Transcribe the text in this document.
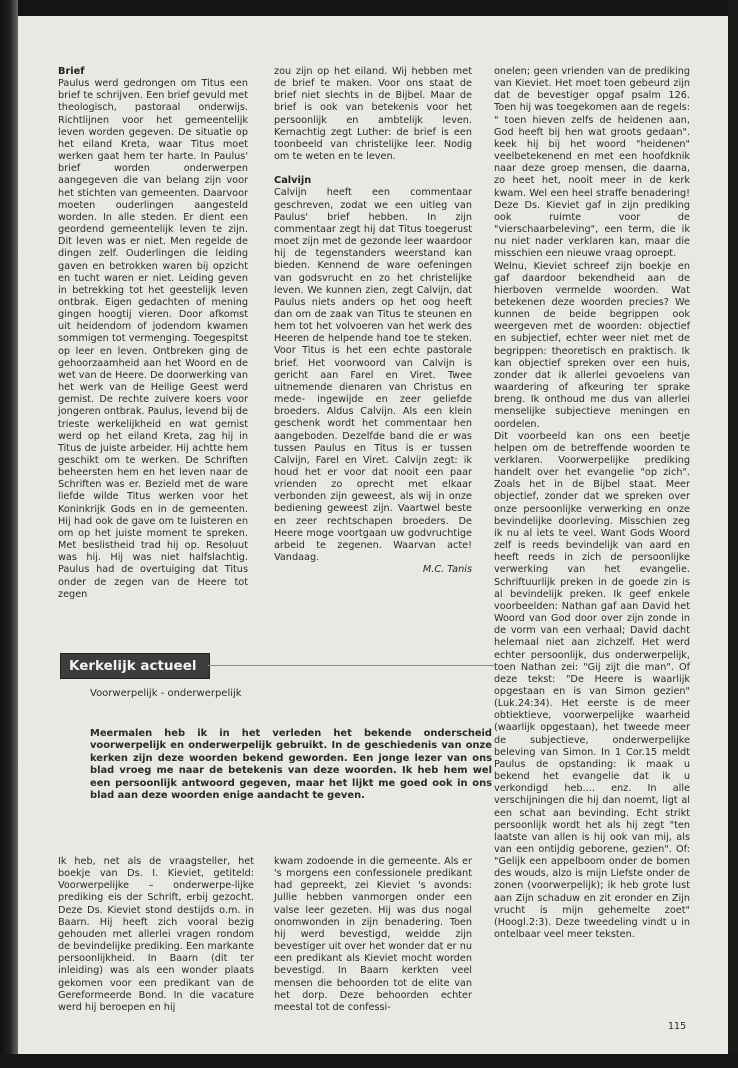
Brief

Paulus werd gedrongen om Titus een brief te schrijven. Een brief gevuld met theologisch, pastoraal onderwijs. Richtlijnen voor het gemeentelijk leven worden gegeven. De situatie op het eiland Kreta, waar Titus moet werken gaat hem ter harte. In Paulus' brief worden onderwerpen aangegeven die van belang zijn voor het stichten van gemeenten. Daarvoor moeten ouderlingen aangesteld worden. In alle steden. Er dient een geordend gemeentelijk leven te zijn. Dit leven was er niet. Men regelde de dingen zelf. Ouderlingen die leiding gaven en betrokken waren bij opzicht en tucht waren er niet. Leiding geven in betrekking tot het geestelijk leven ontbrak. Eigen gedachten of mening gingen hoogtij vieren. Door afkomst uit heidendom of jodendom kwamen sommigen tot vermenging. Toegespitst op leer en leven. Ontbreken ging de gehoorzaamheid aan het Woord en de wet van de Heere. De doorwerking van het werk van de Heilige Geest werd gemist. De rechte zuivere koers voor jongeren ontbrak. Paulus, levend bij de trieste werkelijkheid en wat gemist werd op het eiland Kreta, zag hij in Titus de juiste arbeider. Hij achtte hem geschikt om te werken. De Schriften beheersten hem en het leven naar de Schriften was er. Bezield met de ware liefde wilde Titus werken voor het Koninkrijk Gods en in de gemeenten. Hij had ook de gave om te luisteren en om op het juiste moment te spreken. Met beslistheid trad hij op. Resoluut was hij. Hij was niet halfslachtig. Paulus had de overtuiging dat Titus onder de zegen van de Heere tot zegen

zou zijn op het eiland. Wij hebben met de brief te maken. Voor ons staat de brief niet slechts in de Bijbel. Maar de brief is ook van betekenis voor het persoonlijk en ambtelijk leven. Kernachtig zegt Luther: de brief is een toonbeeld van christelijke leer. Nodig om te weten en te leven.

Calvijn

Calvijn heeft een commentaar geschreven, zodat we een uitleg van Paulus' brief hebben. In zijn commentaar zegt hij dat Titus toegerust moet zijn met de gezonde leer waardoor hij de tegenstanders weerstand kan bieden. Kennend de ware oefeningen van godsvrucht en zo het christelijke leven. We kunnen zien, zegt Calvijn, dat Paulus niets anders op het oog heeft dan om de zaak van Titus te steunen en hem tot het volvoeren van het werk des Heeren de helpende hand toe te steken. Voor Titus is het een echte pastorale brief. Het voorwoord van Calvijn is gericht aan Farel en Viret. Twee uitnemende dienaren van Christus en mede- ingewijde en zeer geliefde broeders. Aldus Calvijn. Als een klein geschenk wordt het commentaar hen aangeboden. Dezelfde band die er was tussen Paulus en Titus is er tussen Calvijn, Farel en Viret. Calvijn zegt: ik houd het er voor dat nooit een paar vrienden zo oprecht met elkaar verbonden zijn geweest, als wij in onze bediening geweest zijn. Vaartwel beste en zeer rechtschapen broeders. De Heere moge voortgaan uw godvruchtige arbeid te zegenen. Waarvan acte! Vandaag.

M.C. Tanis

onelen; geen vrienden van de prediking van Kieviet. Het moet toen gebeurd zijn dat de bevestiger opgaf psalm 126. Toen hij was toegekomen aan de regels: " toen hieven zelfs de heidenen aan, God heeft bij hen wat groots gedaan". keek hij bij het woord "heidenen" veelbetekenend en met een hoofdknik naar deze groep mensen, die daarna, zo heet het, nooit meer in de kerk kwam. Wel een heel straffe benadering! Deze Ds. Kieviet gaf in zijn prediking ook ruimte voor de "vierschaarbeleving", een term, die ik nu niet nader verklaren kan, maar die misschien een nieuwe vraag oproept.

Welnu, Kieviet schreef zijn boekje en gaf daardoor bekendheid aan de hierboven vermelde woorden. Wat betekenen deze woorden precies? We kunnen de beide begrippen ook weergeven met de woorden: objectief en subjectief, echter weer niet met de begrippen: theoretisch en praktisch. Ik kan objectief spreken over een huis, zonder dat ik allerlei gevoelens van waardering of afkeuring ter sprake breng. Ik onthoud me dus van allerlei menselijke subjectieve meningen en oordelen.

Dit voorbeeld kan ons een beetje helpen om de betreffende woorden te verklaren. Voorwerpelijke prediking handelt over het evangelie "op zich". Zoals het in de Bijbel staat. Meer objectief, zonder dat we spreken over onze persoonlijke verwerking en onze bevindelijke doorleving. Misschien zeg ik nu al iets te veel. Want Gods Woord zelf is reeds bevindelijk van aard en heeft reeds in zich de persoonlijke verwerking van het evangelie. Schriftuurlijk preken in de goede zin is al bevindelijk preken. Ik geef enkele voorbeelden: Nathan gaf aan David het Woord van God door over zijn zonde in de vorm van een verhaal; David dacht helemaal niet aan zichzelf. Het werd echter persoonlijk, dus onderwerpelijk, toen Nathan zei: "Gij zijt die man". Of deze tekst: "De Heere is waarlijk opgestaan en is van Simon gezien" (Luk.24:34). Het eerste is de meer obtiektieve, voorwerpelijke waarheid (waarlijk opgestaan), het tweede meer de subjectieve, onderwerpelijke beleving van Simon. In 1 Cor.15 meldt Paulus de opstanding: ik maak u bekend het evangelie dat ik u verkondigd heb.... enz. In alle verschijningen die hij dan noemt, ligt al een schat aan bevinding. Echt strikt persoonlijk wordt het als hij zegt "ten laatste van allen is hij ook van mij, als van een ontijdig geborene, gezien". Of: "Gelijk een appelboom onder de bomen des wouds, alzo is mijn Liefste onder de zonen (voorwerpelijk); ik heb grote lust aan Zijn schaduw en zit eronder en Zijn vrucht is mijn gehemelte zoet" (Hoogl.2:3). Deze tweedeling vindt u in ontelbaar veel meer teksten.

Kerkelijk actueel
Voorwerpelijk - onderwerpelijk
Meermalen heb ik in het verleden het bekende onderscheid voorwerpelijk en onderwerpelijk gebruikt. In de geschiedenis van onze kerken zijn deze woorden bekend geworden. Een jonge lezer van ons blad vroeg me naar de betekenis van deze woorden. Ik heb hem wel een persoonlijk antwoord gegeven, maar het lijkt me goed ook in ons blad aan deze woorden enige aandacht te geven.

Ik heb, net als de vraagsteller, het boekje van Ds. I. Kieviet, getiteld: Voorwerpelijke – onderwerpe-lijke prediking eis der Schrift, erbij gezocht. Deze Ds. Kieviet stond destijds o.m. in Baarn. Hij heeft zich vooral bezig gehouden met allerlei vragen rondom de bevindelijke prediking. Een markante persoonlijkheid. In Baarn (dit ter inleiding) was als een wonder plaats gekomen voor een predikant van de Gereformeerde Bond. In die vacature werd hij beroepen en hij

kwam zodoende in die gemeente. Als er 's morgens een confessionele predikant had gepreekt, zei Kieviet 's avonds: Jullie hebben vanmorgen onder een valse leer gezeten. Hij was dus nogal onomwonden in zijn benadering. Toen hij werd bevestigd, weidde zijn bevestiger uit over het wonder dat er nu een predikant als Kieviet mocht worden bevestigd. In Baarn kerkten veel mensen die behoorden tot de elite van het dorp. Deze behoorden echter meestal tot de confessi-

115
